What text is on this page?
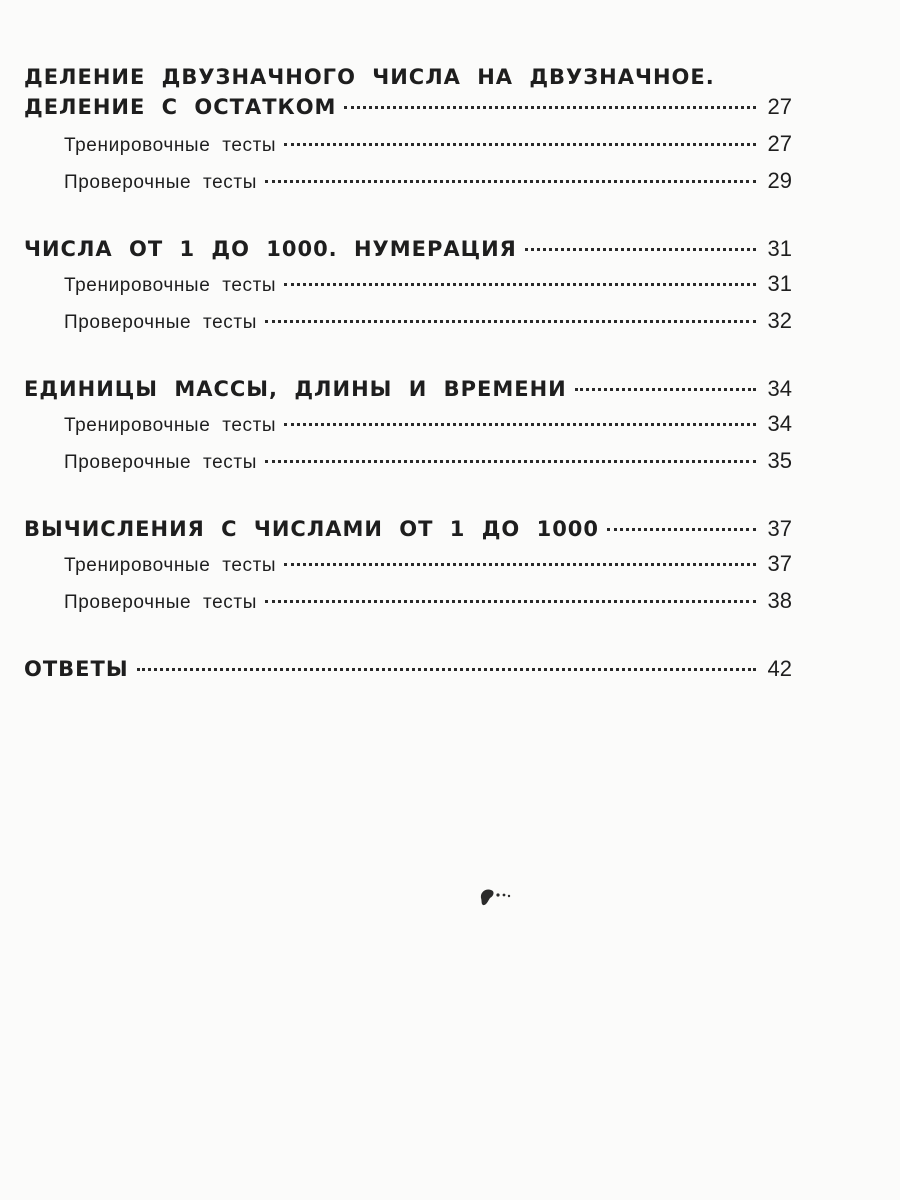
ДЕЛЕНИЕ ДВУЗНАЧНОГО ЧИСЛА НА ДВУЗНАЧНОЕ.
ДЕЛЕНИЕ С ОСТАТКОМ	27
Тренировочные тесты	27
Проверочные тесты	29
ЧИСЛА ОТ 1 ДО 1000. НУМЕРАЦИЯ	31
Тренировочные тесты	31
Проверочные тесты	32
ЕДИНИЦЫ МАССЫ, ДЛИНЫ И ВРЕМЕНИ	34
Тренировочные тесты	34
Проверочные тесты	35
ВЫЧИСЛЕНИЯ С ЧИСЛАМИ ОТ 1 ДО 1000	37
Тренировочные тесты	37
Проверочные тесты	38
ОТВЕТЫ	42
